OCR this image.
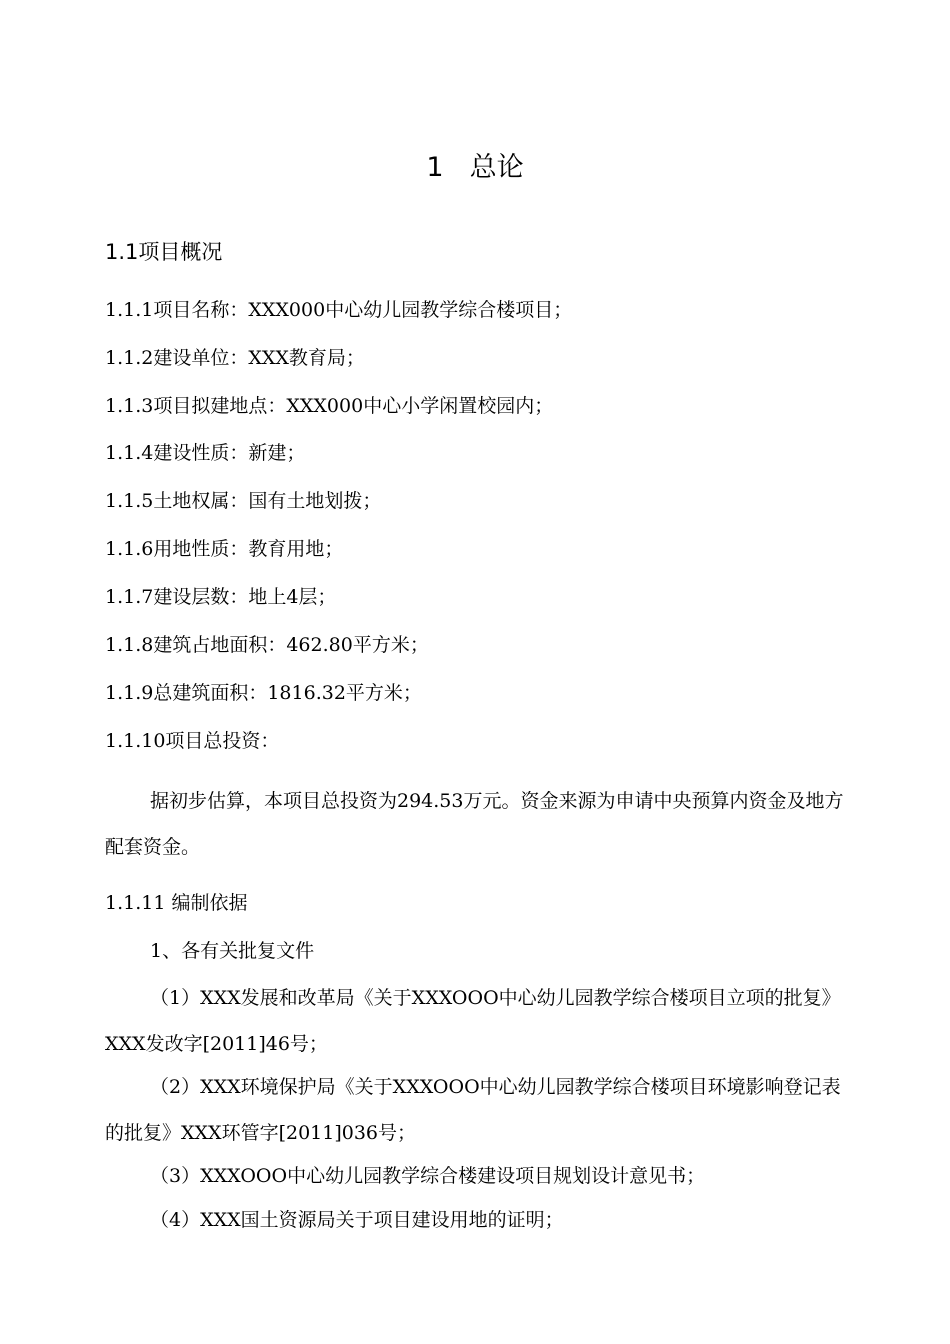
1 总论
1.1项目概况
1.1.1项目名称：XXX000中心幼儿园教学综合楼项目；
1.1.2建设单位：XXX教育局；
1.1.3项目拟建地点：XXX000中心小学闲置校园内；
1.1.4建设性质：新建；
1.1.5土地权属：国有土地划拨；
1.1.6用地性质：教育用地；
1.1.7建设层数：地上4层；
1.1.8建筑占地面积：462.80平方米；
1.1.9总建筑面积：1816.32平方米；
1.1.10项目总投资：
据初步估算，本项目总投资为294.53万元。资金来源为申请中央预算内资金及地方配套资金。
1.1.11 编制依据
1、各有关批复文件
（1）XXX发展和改革局《关于XXXOOO中心幼儿园教学综合楼项目立项的批复》XXX发改字[2011]46号；
（2）XXX环境保护局《关于XXXOOO中心幼儿园教学综合楼项目环境影响登记表的批复》XXX环管字[2011]036号；
（3）XXXOOO中心幼儿园教学综合楼建设项目规划设计意见书；
（4）XXX国土资源局关于项目建设用地的证明；
